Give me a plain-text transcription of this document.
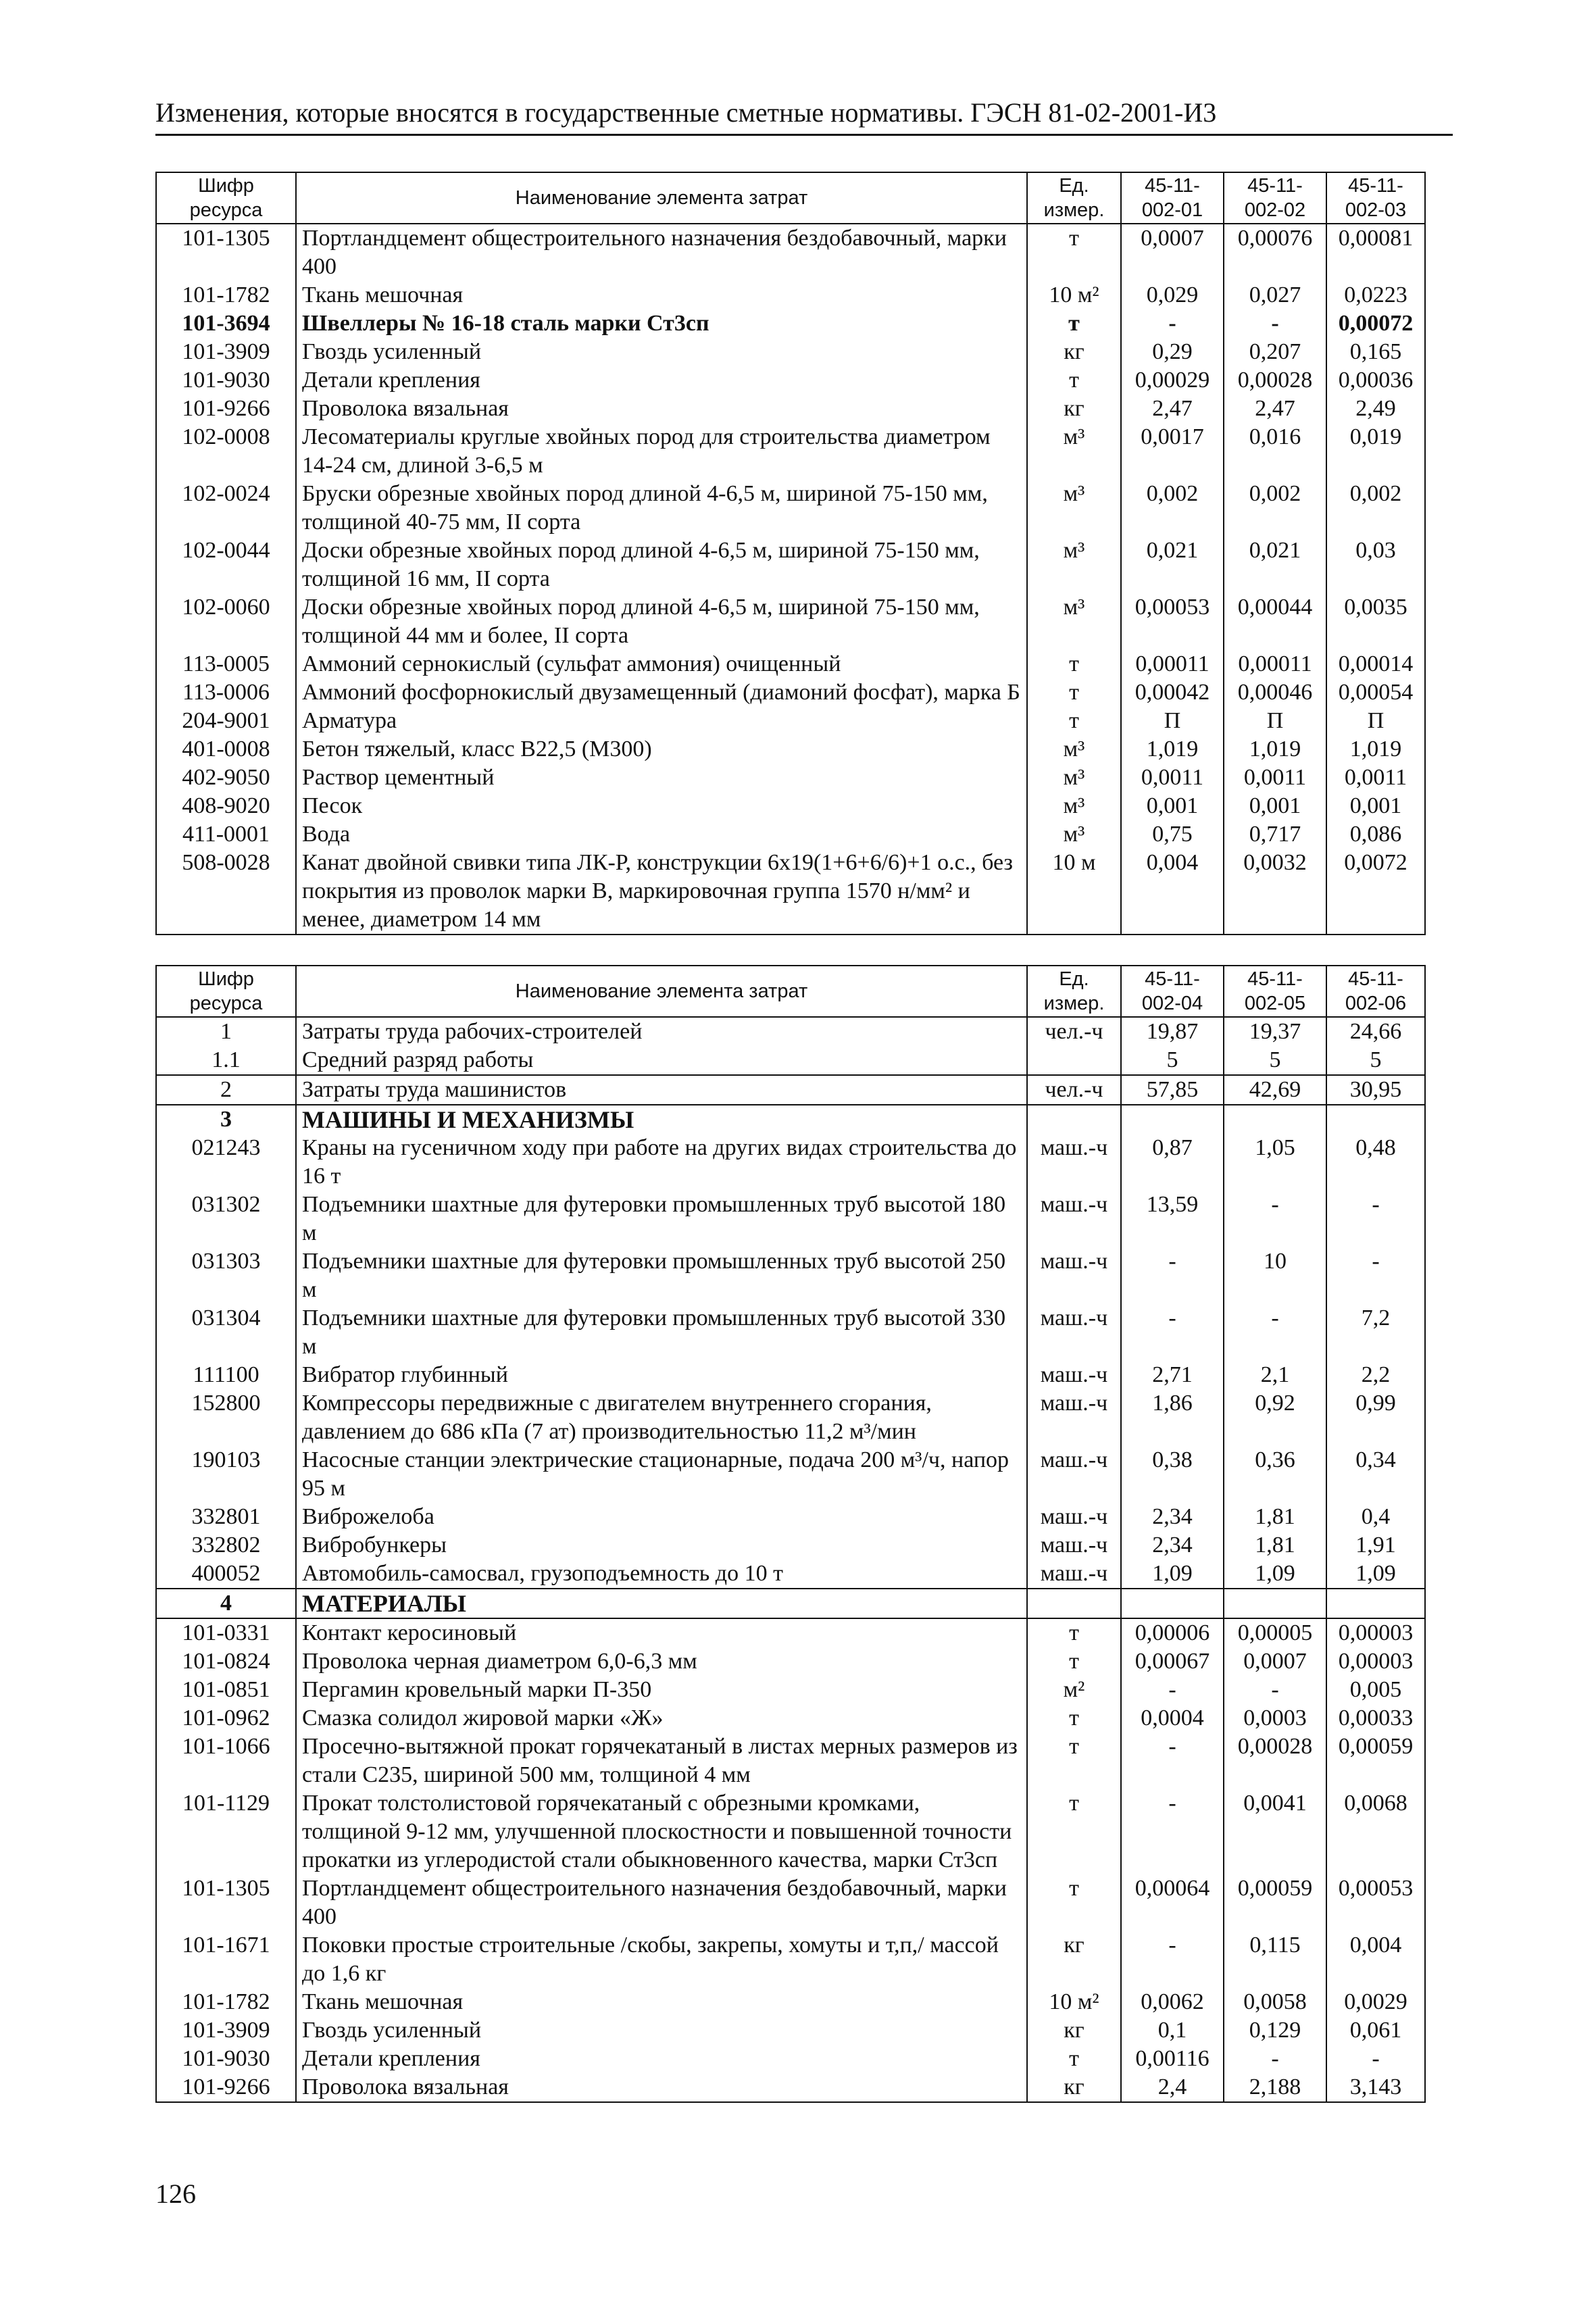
Изменения, которые вносятся в государственные сметные нормативы. ГЭСН 81-02-2001-И3
Шифр ресурса	Наименование элемента затрат	Ед. измер.	45-11-002-01	45-11-002-02	45-11-002-03
101-1305	Портландцемент общестроительного назначения бездобавочный, марки 400	т	0,0007	0,00076	0,00081
101-1782	Ткань мешочная	10 м²	0,029	0,027	0,0223
101-3694	Швеллеры № 16-18 сталь марки Ст3сп	т	-	-	0,00072
101-3909	Гвоздь усиленный	кг	0,29	0,207	0,165
101-9030	Детали крепления	т	0,00029	0,00028	0,00036
101-9266	Проволока вязальная	кг	2,47	2,47	2,49
102-0008	Лесоматериалы круглые хвойных пород для строительства диаметром 14-24 см, длиной 3-6,5 м	м³	0,0017	0,016	0,019
102-0024	Бруски обрезные хвойных пород длиной 4-6,5 м, шириной 75-150 мм, толщиной 40-75 мм, II сорта	м³	0,002	0,002	0,002
102-0044	Доски обрезные хвойных пород длиной 4-6,5 м, шириной 75-150 мм, толщиной 16 мм, II сорта	м³	0,021	0,021	0,03
102-0060	Доски обрезные хвойных пород длиной 4-6,5 м, шириной 75-150 мм, толщиной 44 мм и более, II сорта	м³	0,00053	0,00044	0,0035
113-0005	Аммоний сернокислый (сульфат аммония) очищенный	т	0,00011	0,00011	0,00014
113-0006	Аммоний фосфорнокислый двузамещенный (диамоний фосфат), марка Б	т	0,00042	0,00046	0,00054
204-9001	Арматура	т	П	П	П
401-0008	Бетон тяжелый, класс В22,5 (М300)	м³	1,019	1,019	1,019
402-9050	Раствор цементный	м³	0,0011	0,0011	0,0011
408-9020	Песок	м³	0,001	0,001	0,001
411-0001	Вода	м³	0,75	0,717	0,086
508-0028	Канат двойной свивки типа ЛК-Р, конструкции 6х19(1+6+6/6)+1 о.с., без покрытия из проволок марки В, маркировочная группа 1570 н/мм² и менее, диаметром 14 мм	10 м	0,004	0,0032	0,0072
Шифр ресурса	Наименование элемента затрат	Ед. измер.	45-11-002-04	45-11-002-05	45-11-002-06
1	Затраты труда рабочих-строителей	чел.-ч	19,87	19,37	24,66
1.1	Средний разряд работы		5	5	5
2	Затраты труда машинистов	чел.-ч	57,85	42,69	30,95
3	МАШИНЫ И МЕХАНИЗМЫ				
021243	Краны на гусеничном ходу при работе на других видах строительства до 16 т	маш.-ч	0,87	1,05	0,48
031302	Подъемники шахтные для футеровки промышленных труб высотой 180 м	маш.-ч	13,59	-	-
031303	Подъемники шахтные для футеровки промышленных труб высотой 250 м	маш.-ч	-	10	-
031304	Подъемники шахтные для футеровки промышленных труб высотой 330 м	маш.-ч	-	-	7,2
111100	Вибратор глубинный	маш.-ч	2,71	2,1	2,2
152800	Компрессоры передвижные с двигателем внутреннего сгорания, давлением до 686 кПа (7 ат) производительностью 11,2 м³/мин	маш.-ч	1,86	0,92	0,99
190103	Насосные станции электрические стационарные, подача 200 м³/ч, напор 95 м	маш.-ч	0,38	0,36	0,34
332801	Виброжелоба	маш.-ч	2,34	1,81	0,4
332802	Вибробункеры	маш.-ч	2,34	1,81	1,91
400052	Автомобиль-самосвал, грузоподъемность до 10 т	маш.-ч	1,09	1,09	1,09
4	МАТЕРИАЛЫ				
101-0331	Контакт керосиновый	т	0,00006	0,00005	0,00003
101-0824	Проволока черная диаметром 6,0-6,3 мм	т	0,00067	0,0007	0,00003
101-0851	Пергамин кровельный марки П-350	м²	-	-	0,005
101-0962	Смазка солидол жировой марки «Ж»	т	0,0004	0,0003	0,00033
101-1066	Просечно-вытяжной прокат горячекатаный в листах мерных размеров из стали С235, шириной 500 мм, толщиной 4 мм	т	-	0,00028	0,00059
101-1129	Прокат толстолистовой горячекатаный с обрезными кромками, толщиной 9-12 мм, улучшенной плоскостности и повышенной точности прокатки из углеродистой стали обыкновенного качества, марки Ст3сп	т	-	0,0041	0,0068
101-1305	Портландцемент общестроительного назначения бездобавочный, марки 400	т	0,00064	0,00059	0,00053
101-1671	Поковки простые строительные /скобы, закрепы, хомуты и т,п,/ массой до 1,6 кг	кг	-	0,115	0,004
101-1782	Ткань мешочная	10 м²	0,0062	0,0058	0,0029
101-3909	Гвоздь усиленный	кг	0,1	0,129	0,061
101-9030	Детали крепления	т	0,00116	-	-
101-9266	Проволока вязальная	кг	2,4	2,188	3,143
126
